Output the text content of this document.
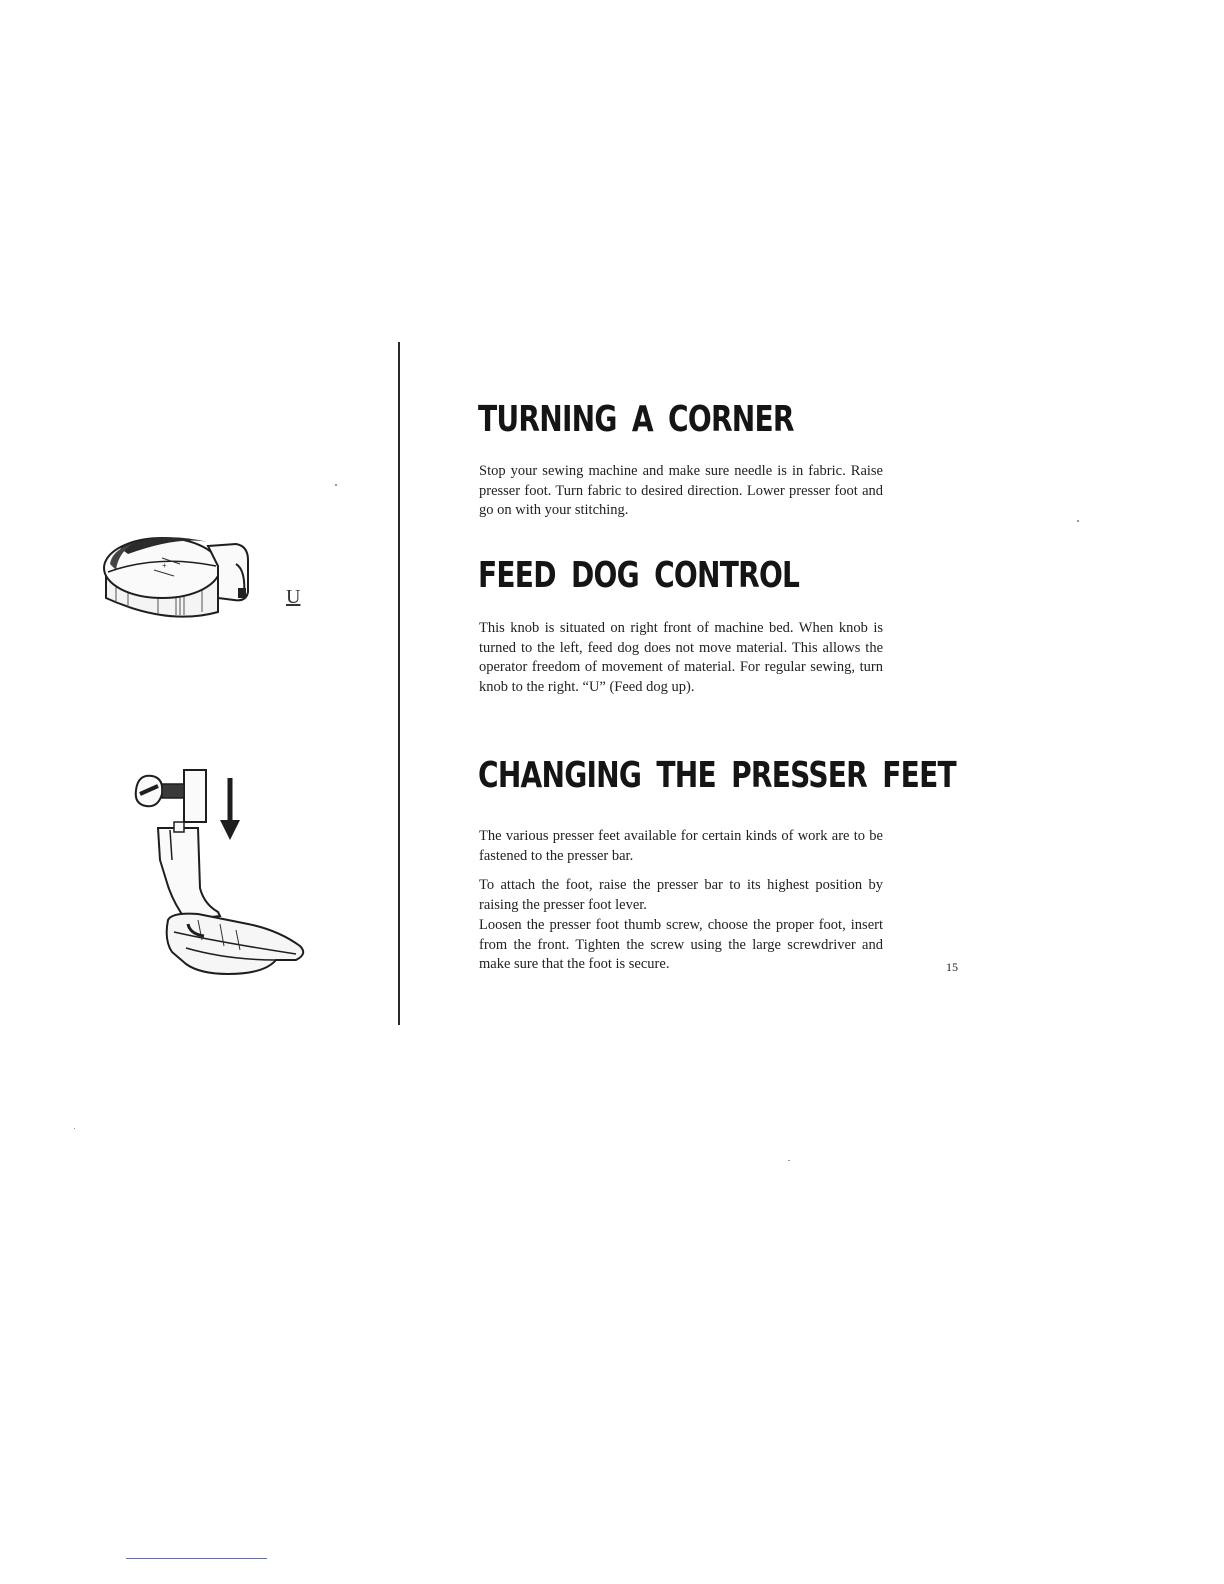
+
U
TURNING A CORNER

Stop your sewing machine and make sure needle is in fabric. Raise presser foot. Turn fabric to desired direction. Lower presser foot and go on with your stitching.

FEED DOG CONTROL

This knob is situated on right front of machine bed. When knob is turned to the left, feed dog does not move material. This allows the operator freedom of movement of material. For regular sewing, turn knob to the right. “U” (Feed dog up).

CHANGING THE PRESSER FEET

The various presser feet available for certain kinds of work are to be fastened to the presser bar.

To attach the foot, raise the presser bar to its highest position by raising the presser foot lever.

Loosen the presser foot thumb screw, choose the proper foot, insert from the front. Tighten the screw using the large screwdriver and make sure that the foot is secure.	15
